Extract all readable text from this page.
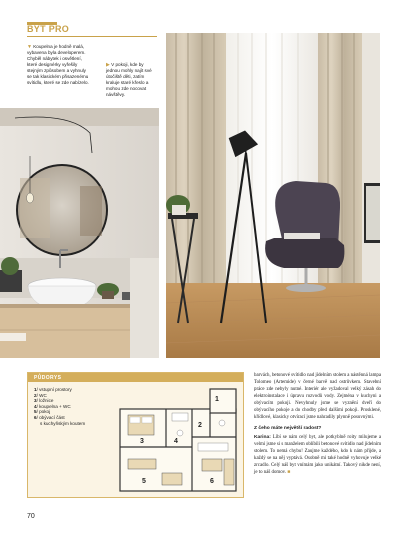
BYT PRO
▼ Koupelna je hodně malá, vybavena byla developerem. Chyběl nábytek i osvětlení, které designérky vyřešily stejným způsobem a vyhnuly se tak klasickém přisazenému svítidlu, které se zde nabízelo.
▶ V pokoji, kde by jednou mohly najít své útočiště děti, zatím kraluje staré křeslo a mohou zde nocovat návštěvy.
PŮDORYS
1/ vstupní prostory
2/ WC
3/ ložnice
4/ koupelna + WC
5/ pokoj
6/ obývací část
s kuchyňským koutem
1
2
3	4
5	6

barvách, betonové svítidlo nad jídelním stolem a nástěnná lampa Tolomeo (Artemide) v černé barvě nad ostrůvkem. Stavební práce zde nebyly nutné. Interiér ale vyžadoval velký zásah do elektroinstalace i úpravu rozvodů vody. Zejména v kuchyni a obývacím pokoji. Nevyhnuly jsme se vyznění dveří do obývacího pokoje a do chodby před dalšími pokoji. Prosklené, křídlové, klasicky otvírací jsme nahradily plynně posuvnými.

Z čeho máte největší radost?

Karina: Líbí se nám celý byt, ale potkyblně roity milujeme a velmi jsme si s manželem oblíbili betonové svítidlo nad jídelním stolem. To nemá chybu! Zaujme každého, kdo k nám přijde, a každý se na něj vyptává. Osobně mi také hodně vyhovuje velké zrcadlo. Celý náš byt vnímám jako unikátní. Takový nikde není, je to náš domov. ■

70
